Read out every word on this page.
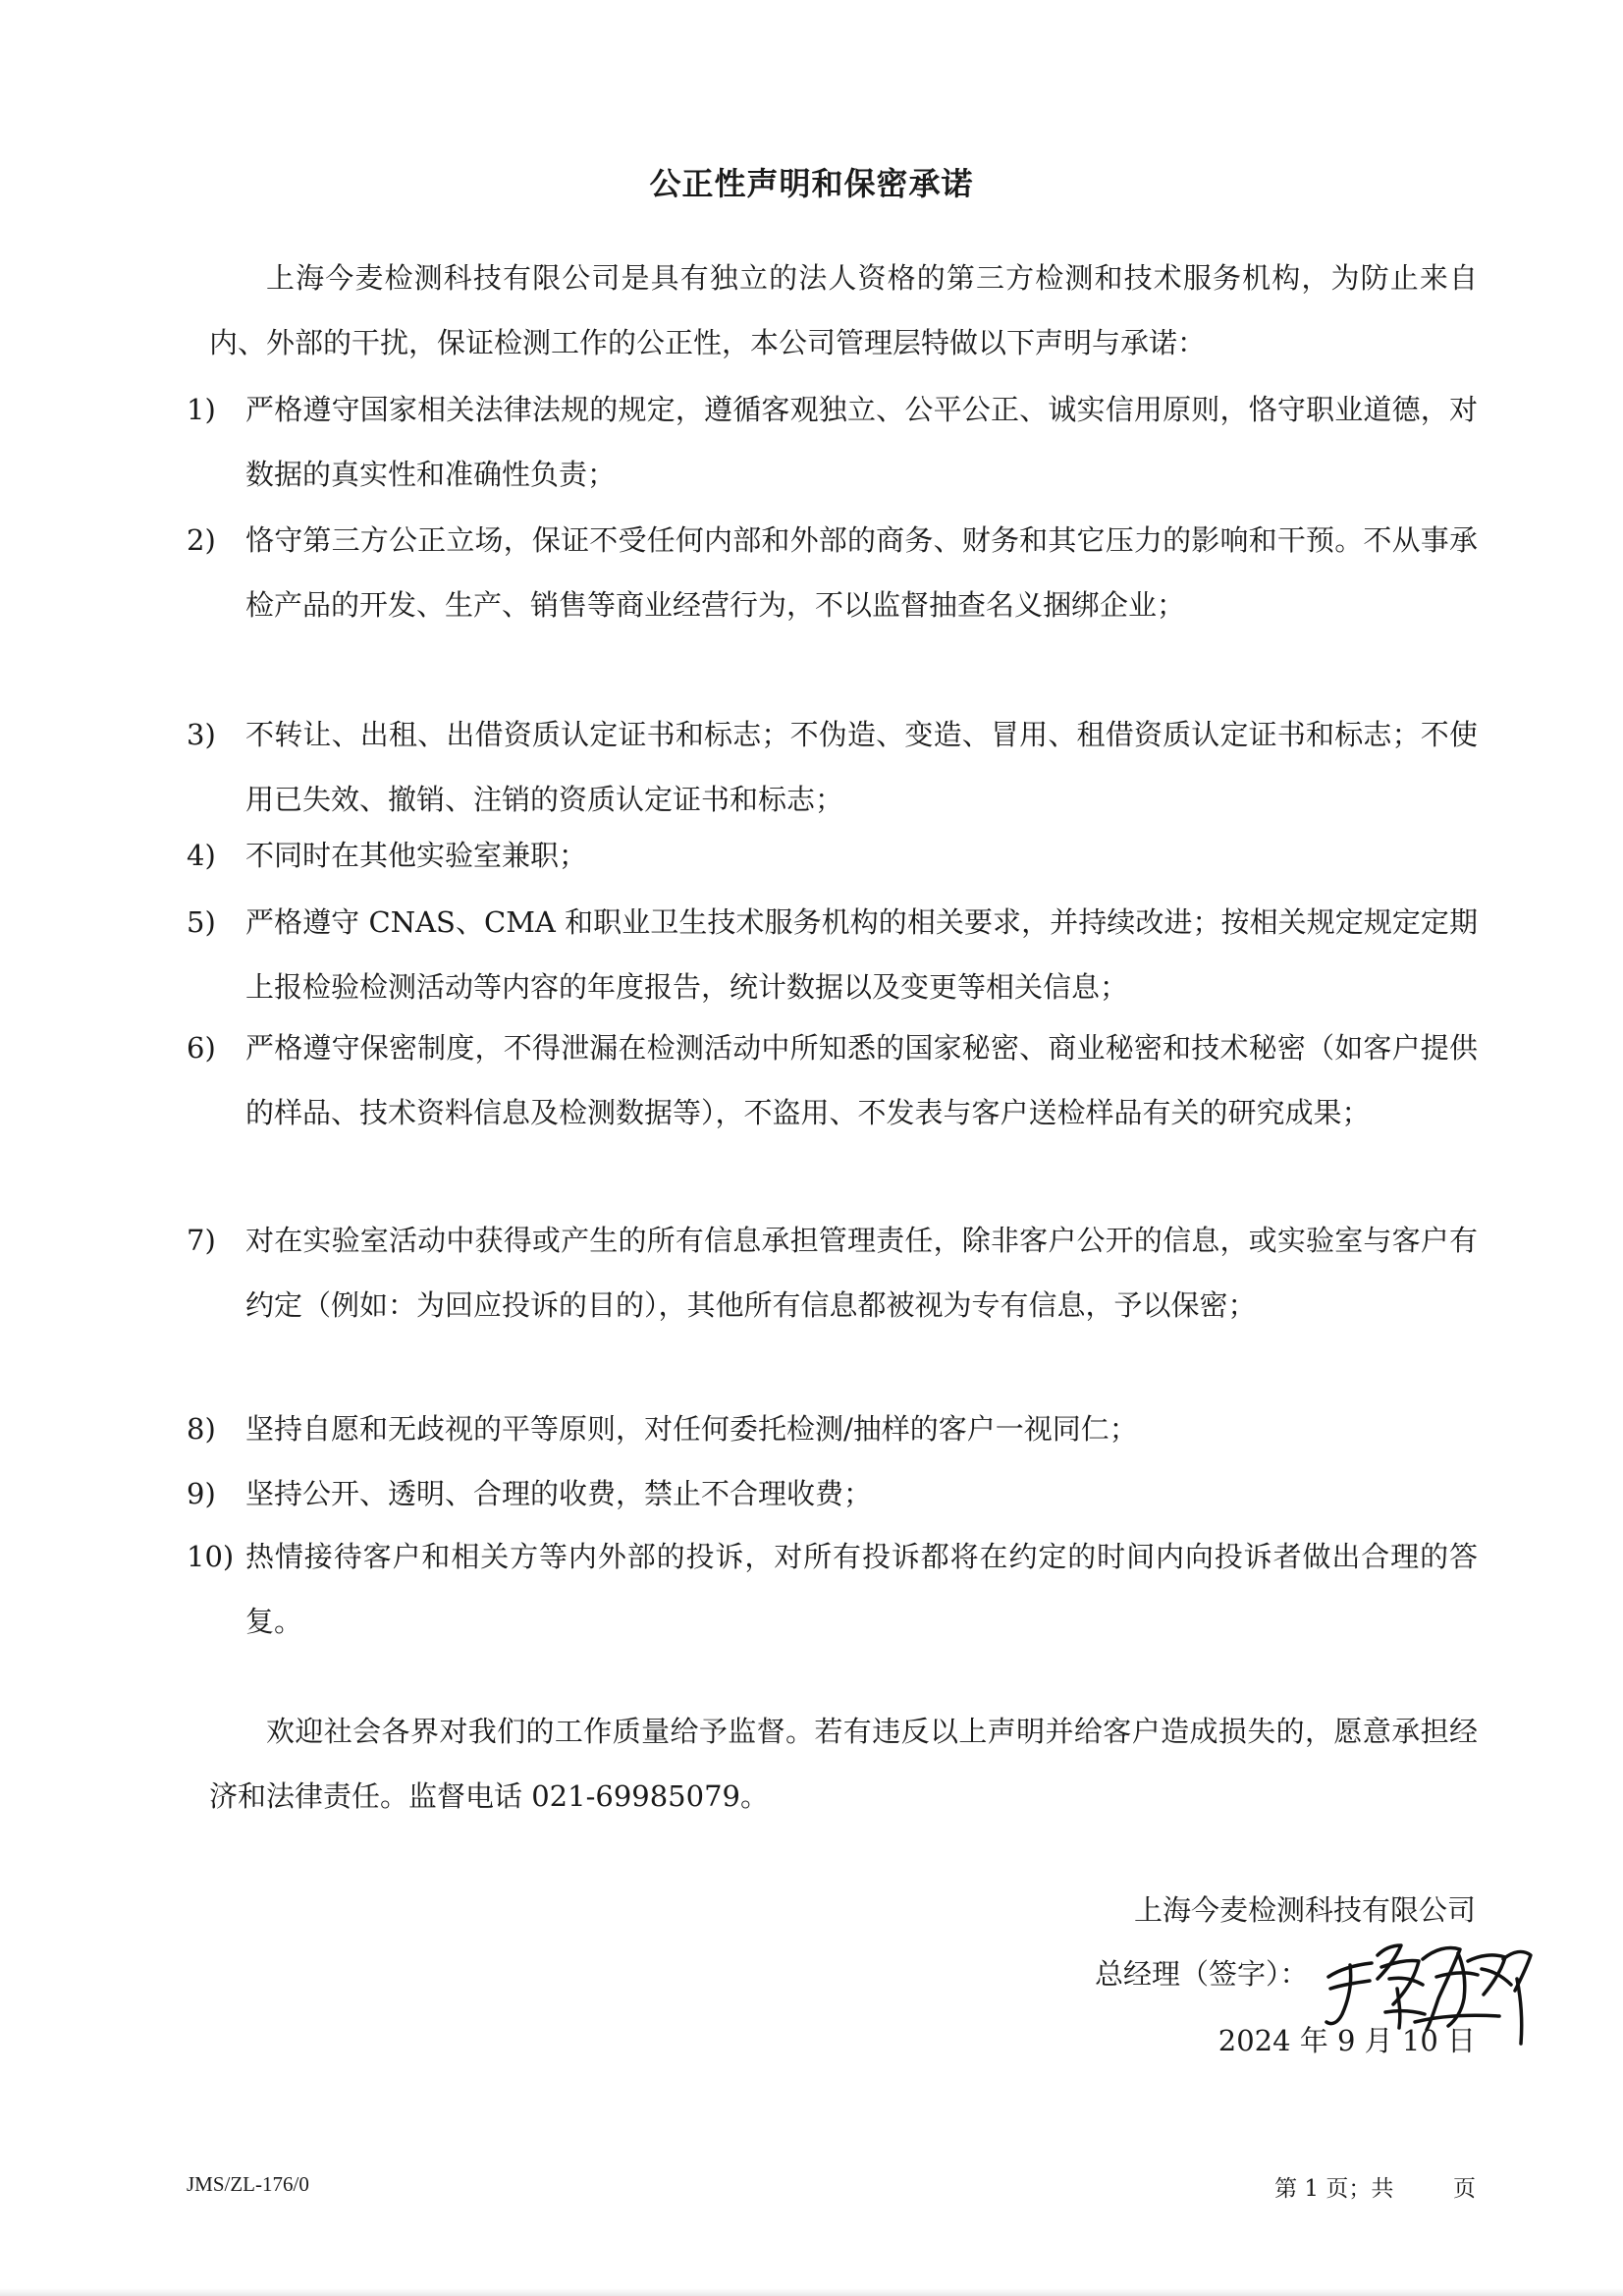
公正性声明和保密承诺

上海今麦检测科技有限公司是具有独立的法人资格的第三方检测和技术服务机构，为防止来自内、外部的干扰，保证检测工作的公正性，本公司管理层特做以下声明与承诺：

1)	严格遵守国家相关法律法规的规定，遵循客观独立、公平公正、诚实信用原则，恪守职业道德，对数据的真实性和准确性负责；
2)	恪守第三方公正立场，保证不受任何内部和外部的商务、财务和其它压力的影响和干预。不从事承检产品的开发、生产、销售等商业经营行为，不以监督抽查名义捆绑企业；
3)	不转让、出租、出借资质认定证书和标志；不伪造、变造、冒用、租借资质认定证书和标志；不使用已失效、撤销、注销的资质认定证书和标志；
4)	不同时在其他实验室兼职；
5)	严格遵守 CNAS、CMA 和职业卫生技术服务机构的相关要求，并持续改进；按相关规定规定定期上报检验检测活动等内容的年度报告，统计数据以及变更等相关信息；
6)	严格遵守保密制度，不得泄漏在检测活动中所知悉的国家秘密、商业秘密和技术秘密（如客户提供的样品、技术资料信息及检测数据等），不盗用、不发表与客户送检样品有关的研究成果；
7)	对在实验室活动中获得或产生的所有信息承担管理责任，除非客户公开的信息，或实验室与客户有约定（例如：为回应投诉的目的），其他所有信息都被视为专有信息，予以保密；
8)	坚持自愿和无歧视的平等原则，对任何委托检测/抽样的客户一视同仁；
9)	坚持公开、透明、合理的收费，禁止不合理收费；
10) 热情接待客户和相关方等内外部的投诉，对所有投诉都将在约定的时间内向投诉者做出合理的答复。

欢迎社会各界对我们的工作质量给予监督。若有违反以上声明并给客户造成损失的，愿意承担经济和法律责任。监督电话 021-69985079。

上海今麦检测科技有限公司
总经理（签字）：
2024 年 9 月 10 日
JMS/ZL-176/0	第 1 页；共	页
